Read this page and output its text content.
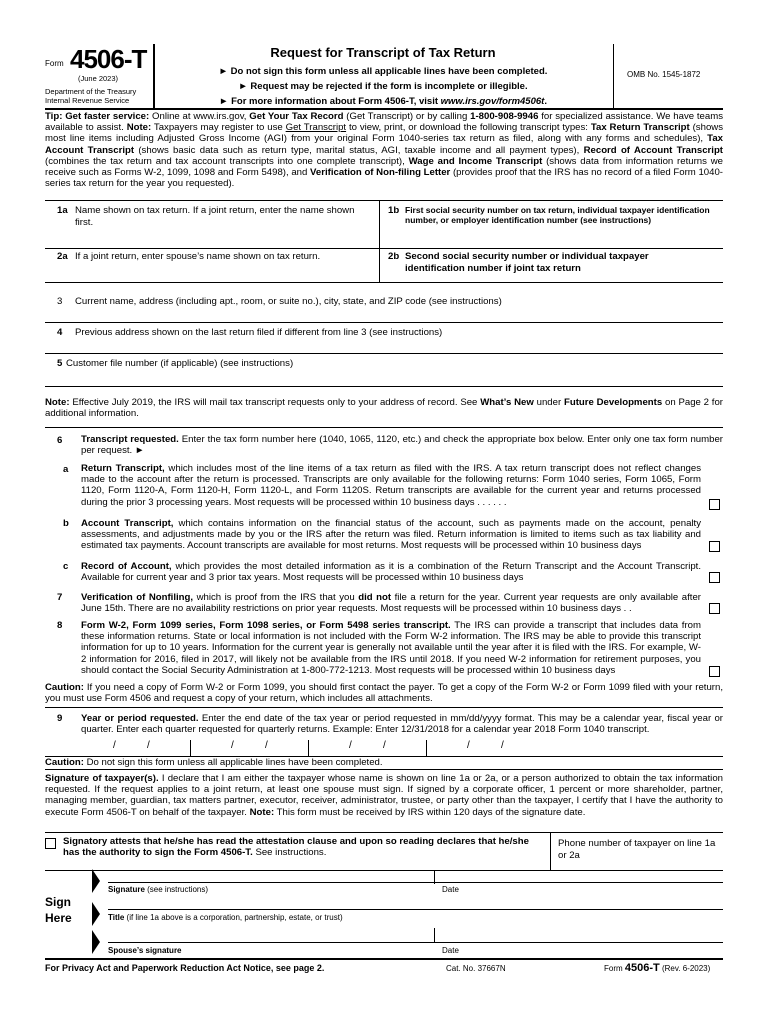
Form 4506-T
(June 2023)
Department of the Treasury
Internal Revenue Service
Request for Transcript of Tax Return
► Do not sign this form unless all applicable lines have been completed.
► Request may be rejected if the form is incomplete or illegible.
► For more information about Form 4506-T, visit www.irs.gov/form4506t.
OMB No. 1545-1872
Tip: Get faster service: Online at www.irs.gov, Get Your Tax Record (Get Transcript) or by calling 1-800-908-9946 for specialized assistance. We have teams available to assist. Note: Taxpayers may register to use Get Transcript to view, print, or download the following transcript types: Tax Return Transcript (shows most line items including Adjusted Gross Income (AGI) from your original Form 1040-series tax return as filed, along with any forms and schedules), Tax Account Transcript (shows basic data such as return type, marital status, AGI, taxable income and all payment types), Record of Account Transcript (combines the tax return and tax account transcripts into one complete transcript), Wage and Income Transcript (shows data from information returns we receive such as Forms W-2, 1099, 1098 and Form 5498), and Verification of Non-filing Letter (provides proof that the IRS has no record of a filed Form 1040-series tax return for the year you requested).
1a Name shown on tax return. If a joint return, enter the name shown first.
1b First social security number on tax return, individual taxpayer identification number, or employer identification number (see instructions)
2a If a joint return, enter spouse’s name shown on tax return.	2b Second social security number or individual taxpayer identification number if joint tax return
3 Current name, address (including apt., room, or suite no.), city, state, and ZIP code (see instructions)
4 Previous address shown on the last return filed if different from line 3 (see instructions)
5 Customer file number (if applicable) (see instructions)
Note: Effective July 2019, the IRS will mail tax transcript requests only to your address of record. See What’s New under Future Developments on Page 2 for additional information.
6 Transcript requested. Enter the tax form number here (1040, 1065, 1120, etc.) and check the appropriate box below. Enter only one tax form number per request. ►
a Return Transcript, which includes most of the line items of a tax return as filed with the IRS. A tax return transcript does not reflect changes made to the account after the return is processed. Transcripts are only available for the following returns: Form 1040 series, Form 1065, Form 1120, Form 1120-A, Form 1120-H, Form 1120-L, and Form 1120S. Return transcripts are available for the current year and returns processed during the prior 3 processing years. Most requests will be processed within 10 business days . . . . . .
b Account Transcript, which contains information on the financial status of the account, such as payments made on the account, penalty assessments, and adjustments made by you or the IRS after the return was filed. Return information is limited to items such as tax liability and estimated tax payments. Account transcripts are available for most returns. Most requests will be processed within 10 business days
c Record of Account, which provides the most detailed information as it is a combination of the Return Transcript and the Account Transcript. Available for current year and 3 prior tax years. Most requests will be processed within 10 business days
7 Verification of Nonfiling, which is proof from the IRS that you did not file a return for the year. Current year requests are only available after June 15th. There are no availability restrictions on prior year requests. Most requests will be processed within 10 business days . .
8 Form W-2, Form 1099 series, Form 1098 series, or Form 5498 series transcript. The IRS can provide a transcript that includes data from these information returns. State or local information is not included with the Form W-2 information. The IRS may be able to provide this transcript information for up to 10 years. Information for the current year is generally not available until the year after it is filed with the IRS. For example, W-2 information for 2016, filed in 2017, will likely not be available from the IRS until 2018. If you need W-2 information for retirement purposes, you should contact the Social Security Administration at 1-800-772-1213. Most requests will be processed within 10 business days
Caution: If you need a copy of Form W-2 or Form 1099, you should first contact the payer. To get a copy of the Form W-2 or Form 1099 filed with your return, you must use Form 4506 and request a copy of your return, which includes all attachments.
9 Year or period requested. Enter the end date of the tax year or period requested in mm/dd/yyyy format. This may be a calendar year, fiscal year or quarter. Enter each quarter requested for quarterly returns. Example: Enter 12/31/2018 for a calendar year 2018 Form 1040 transcript.
/	/	/	/	/	/	/	/
Caution: Do not sign this form unless all applicable lines have been completed.
Signature of taxpayer(s). I declare that I am either the taxpayer whose name is shown on line 1a or 2a, or a person authorized to obtain the tax information requested. If the request applies to a joint return, at least one spouse must sign. If signed by a corporate officer, 1 percent or more shareholder, partner, managing member, guardian, tax matters partner, executor, receiver, administrator, trustee, or party other than the taxpayer, I certify that I have the authority to execute Form 4506-T on behalf of the taxpayer. Note: This form must be received by IRS within 120 days of the signature date.
Signatory attests that he/she has read the attestation clause and upon so reading declares that he/she has the authority to sign the Form 4506-T. See instructions.
Phone number of taxpayer on line 1a or 2a
Sign
Here
Signature (see instructions)	Date
Title (if line 1a above is a corporation, partnership, estate, or trust)
Spouse’s signature	Date
For Privacy Act and Paperwork Reduction Act Notice, see page 2.	Cat. No. 37667N	Form 4506-T (Rev. 6-2023)
